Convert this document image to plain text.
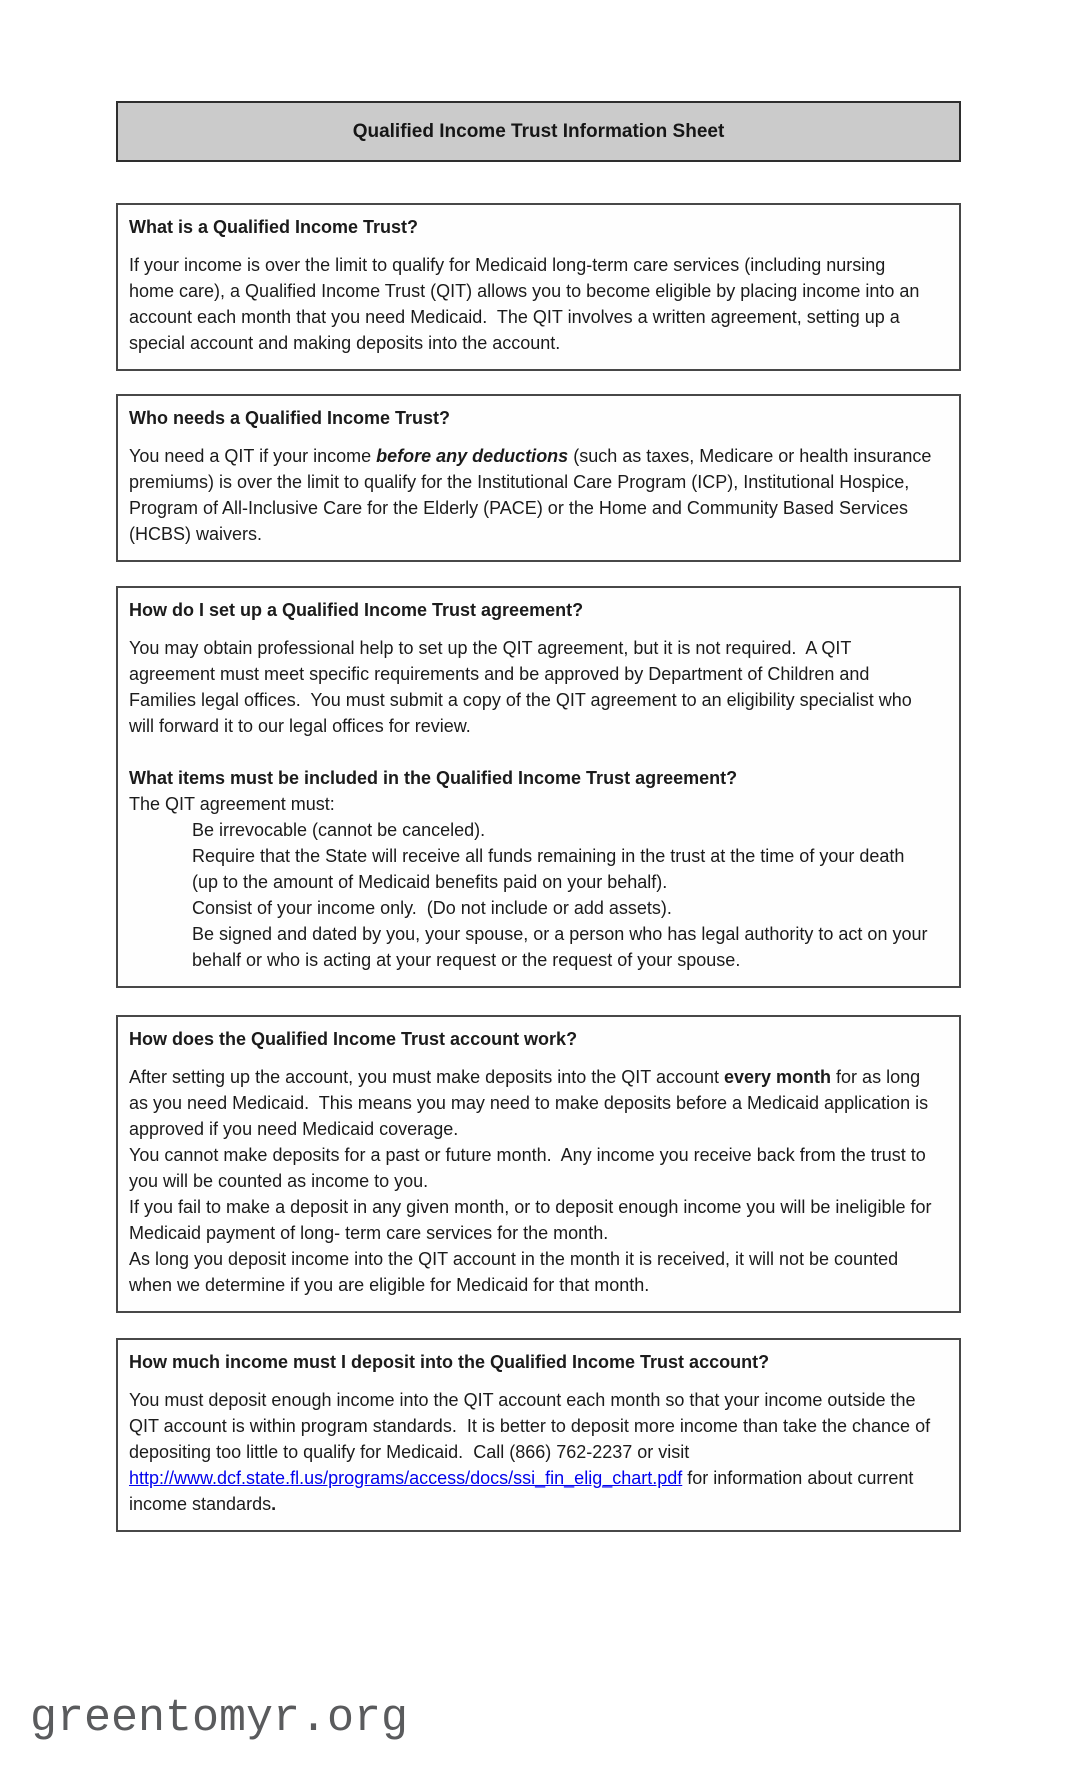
Qualified Income Trust Information Sheet
What is a Qualified Income Trust?

If your income is over the limit to qualify for Medicaid long-term care services (including nursing home care), a Qualified Income Trust (QIT) allows you to become eligible by placing income into an account each month that you need Medicaid.  The QIT involves a written agreement, setting up a special account and making deposits into the account.

Who needs a Qualified Income Trust?

You need a QIT if your income before any deductions (such as taxes, Medicare or health insurance premiums) is over the limit to qualify for the Institutional Care Program (ICP), Institutional Hospice, Program of All-Inclusive Care for the Elderly (PACE) or the Home and Community Based Services (HCBS) waivers.

How do I set up a Qualified Income Trust agreement?

You may obtain professional help to set up the QIT agreement, but it is not required.  A QIT agreement must meet specific requirements and be approved by Department of Children and Families legal offices.  You must submit a copy of the QIT agreement to an eligibility specialist who will forward it to our legal offices for review.

What items must be included in the Qualified Income Trust agreement?

The QIT agreement must:

Be irrevocable (cannot be canceled).
Require that the State will receive all funds remaining in the trust at the time of your death    (up to the amount of Medicaid benefits paid on your behalf).
Consist of your income only.  (Do not include or add assets).
Be signed and dated by you, your spouse, or a person who has legal authority to act on your behalf or who is acting at your request or the request of your spouse.
How does the Qualified Income Trust account work?

After setting up the account, you must make deposits into the QIT account every month for as long as you need Medicaid.  This means you may need to make deposits before a Medicaid application is approved if you need Medicaid coverage.

You cannot make deposits for a past or future month.  Any income you receive back from the trust to you will be counted as income to you.

If you fail to make a deposit in any given month, or to deposit enough income you will be ineligible for Medicaid payment of long- term care services for the month.

As long you deposit income into the QIT account in the month it is received, it will not be counted when we determine if you are eligible for Medicaid for that month.

How much income must I deposit into the Qualified Income Trust account?

You must deposit enough income into the QIT account each month so that your income outside the QIT account is within program standards.  It is better to deposit more income than take the chance of depositing too little to qualify for Medicaid.  Call (866) 762-2237 or visit http://www.dcf.state.fl.us/programs/access/docs/ssi_fin_elig_chart.pdf for information about current income standards.

greentomyr.org
